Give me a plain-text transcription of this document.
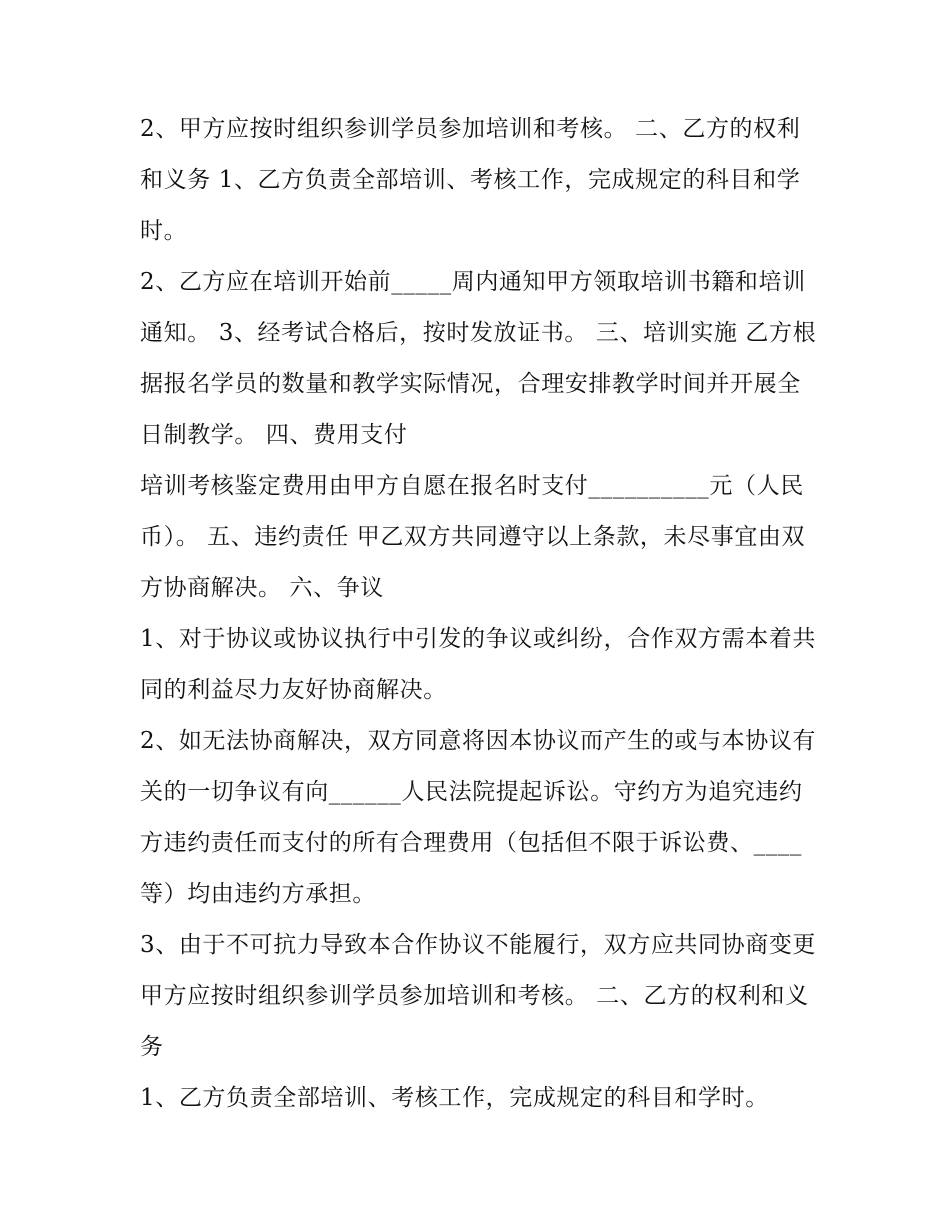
2、甲方应按时组织参训学员参加培训和考核。 二、乙方的权利和义务 1、乙方负责全部培训、考核工作，完成规定的科目和学时。

2、乙方应在培训开始前_____周内通知甲方领取培训书籍和培训通知。 3、经考试合格后，按时发放证书。 三、培训实施 乙方根据报名学员的数量和教学实际情况，合理安排教学时间并开展全日制教学。 四、费用支付

培训考核鉴定费用由甲方自愿在报名时支付__________元（人民币）。 五、违约责任 甲乙双方共同遵守以上条款，未尽事宜由双方协商解决。 六、争议

1、对于协议或协议执行中引发的争议或纠纷，合作双方需本着共同的利益尽力友好协商解决。

2、如无法协商解决，双方同意将因本协议而产生的或与本协议有关的一切争议有向______人民法院提起诉讼。守约方为追究违约方违约责任而支付的所有合理费用（包括但不限于诉讼费、____等）均由违约方承担。

3、由于不可抗力导致本合作协议不能履行，双方应共同协商变更甲方应按时组织参训学员参加培训和考核。 二、乙方的权利和义务

1、乙方负责全部培训、考核工作，完成规定的科目和学时。
